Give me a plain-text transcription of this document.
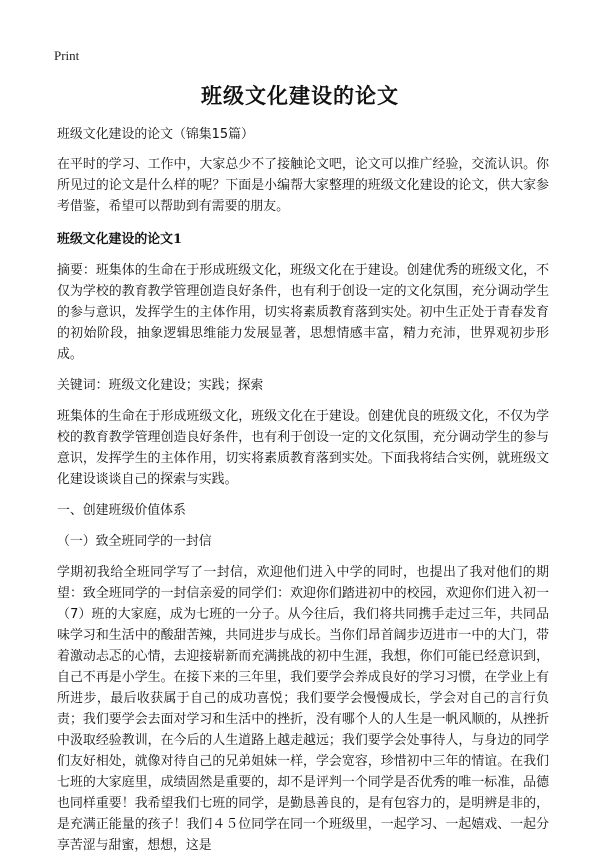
Print
班级文化建设的论文

班级文化建设的论文（锦集15篇）

在平时的学习、工作中，大家总少不了接触论文吧，论文可以推广经验，交流认识。你所见过的论文是什么样的呢？下面是小编帮大家整理的班级文化建设的论文，供大家参考借鉴，希望可以帮助到有需要的朋友。

班级文化建设的论文1

摘要：班集体的生命在于形成班级文化，班级文化在于建设。创建优秀的班级文化，不仅为学校的教育教学管理创造良好条件，也有利于创设一定的文化氛围，充分调动学生的参与意识，发挥学生的主体作用，切实将素质教育落到实处。初中生正处于青春发育的初始阶段，抽象逻辑思维能力发展显著，思想情感丰富，精力充沛，世界观初步形成。

关键词：班级文化建设；实践；探索

班集体的生命在于形成班级文化，班级文化在于建设。创建优良的班级文化，不仅为学校的教育教学管理创造良好条件，也有利于创设一定的文化氛围，充分调动学生的参与意识，发挥学生的主体作用，切实将素质教育落到实处。下面我将结合实例，就班级文化建设谈谈自己的探索与实践。

一、创建班级价值体系

（一）致全班同学的一封信

学期初我给全班同学写了一封信，欢迎他们进入中学的同时，也提出了我对他们的期望：致全班同学的一封信亲爱的同学们：欢迎你们踏进初中的校园，欢迎你们进入初一（7）班的大家庭，成为七班的一分子。从今往后，我们将共同携手走过三年，共同品味学习和生活中的酸甜苦辣，共同进步与成长。当你们昂首阔步迈进市一中的大门，带着激动忐忑的心情，去迎接崭新而充满挑战的初中生涯，我想，你们可能已经意识到，自己不再是小学生。在接下来的三年里，我们要学会养成良好的学习习惯，在学业上有所进步，最后收获属于自己的成功喜悦；我们要学会慢慢成长，学会对自己的言行负责；我们要学会去面对学习和生活中的挫折，没有哪个人的人生是一帆风顺的，从挫折中汲取经验教训，在今后的人生道路上越走越远；我们要学会处事待人，与身边的同学们友好相处，就像对待自己的兄弟姐妹一样，学会宽容，珍惜初中三年的情谊。在我们七班的大家庭里，成绩固然是重要的，却不是评判一个同学是否优秀的唯一标准，品德也同样重要！我希望我们七班的同学，是勤恳善良的，是有包容力的，是明辨是非的，是充满正能量的孩子！我们４５位同学在同一个班级里，一起学习、一起嬉戏、一起分享苦涩与甜蜜，想想，这是
